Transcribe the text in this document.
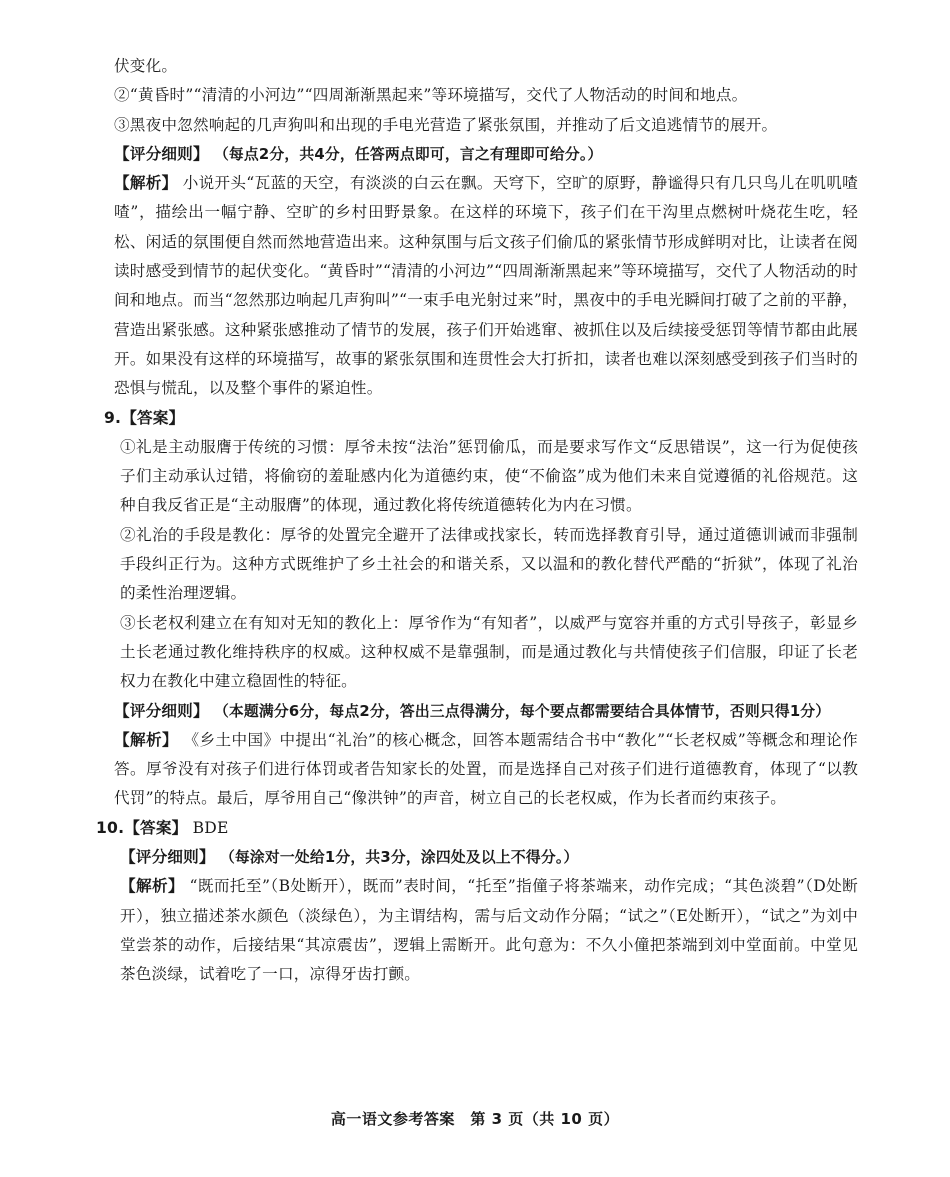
伏变化。

②“黄昏时”“清清的小河边”“四周渐渐黑起来”等环境描写，交代了人物活动的时间和地点。

③黑夜中忽然响起的几声狗叫和出现的手电光营造了紧张氛围，并推动了后文追逃情节的展开。

【评分细则】 （每点2分，共4分，任答两点即可，言之有理即可给分。）

【解析】 小说开头“瓦蓝的天空，有淡淡的白云在飘。天穹下，空旷的原野，静谧得只有几只鸟儿在叽叽喳喳”，描绘出一幅宁静、空旷的乡村田野景象。在这样的环境下，孩子们在干沟里点燃树叶烧花生吃，轻松、闲适的氛围便自然而然地营造出来。这种氛围与后文孩子们偷瓜的紧张情节形成鲜明对比，让读者在阅读时感受到情节的起伏变化。“黄昏时”“清清的小河边”“四周渐渐黑起来”等环境描写，交代了人物活动的时间和地点。而当“忽然那边响起几声狗叫”“一束手电光射过来”时，黑夜中的手电光瞬间打破了之前的平静，营造出紧张感。这种紧张感推动了情节的发展，孩子们开始逃窜、被抓住以及后续接受惩罚等情节都由此展开。如果没有这样的环境描写，故事的紧张氛围和连贯性会大打折扣，读者也难以深刻感受到孩子们当时的恐惧与慌乱，以及整个事件的紧迫性。

9.【答案】

①礼是主动服膺于传统的习惯：厚爷未按“法治”惩罚偷瓜，而是要求写作文“反思错误”，这一行为促使孩子们主动承认过错，将偷窃的羞耻感内化为道德约束，使“不偷盗”成为他们未来自觉遵循的礼俗规范。这种自我反省正是“主动服膺”的体现，通过教化将传统道德转化为内在习惯。

②礼治的手段是教化：厚爷的处置完全避开了法律或找家长，转而选择教育引导，通过道德训诫而非强制手段纠正行为。这种方式既维护了乡土社会的和谐关系，又以温和的教化替代严酷的“折狱”，体现了礼治的柔性治理逻辑。

③长老权利建立在有知对无知的教化上：厚爷作为“有知者”，以威严与宽容并重的方式引导孩子，彰显乡土长老通过教化维持秩序的权威。这种权威不是靠强制，而是通过教化与共情使孩子们信服，印证了长老权力在教化中建立稳固性的特征。

【评分细则】 （本题满分6分，每点2分，答出三点得满分，每个要点都需要结合具体情节，否则只得1分）

【解析】 《乡土中国》中提出“礼治”的核心概念，回答本题需结合书中“教化”“长老权威”等概念和理论作答。厚爷没有对孩子们进行体罚或者告知家长的处置，而是选择自己对孩子们进行道德教育，体现了“以教代罚”的特点。最后，厚爷用自己“像洪钟”的声音，树立自己的长老权威，作为长者而约束孩子。

10.【答案】 BDE

【评分细则】 （每涂对一处给1分，共3分，涂四处及以上不得分。）

【解析】 “既而托至”（B处断开），既而”表时间，“托至”指僮子将茶端来，动作完成；“其色淡碧”（D处断开），独立描述茶水颜色（淡绿色），为主谓结构，需与后文动作分隔；“试之”（E处断开），“试之”为刘中堂尝茶的动作，后接结果“其凉震齿”，逻辑上需断开。此句意为：不久小僮把茶端到刘中堂面前。中堂见茶色淡绿，试着吃了一口，凉得牙齿打颤。

高一语文参考答案　第 3 页（共 10 页）
